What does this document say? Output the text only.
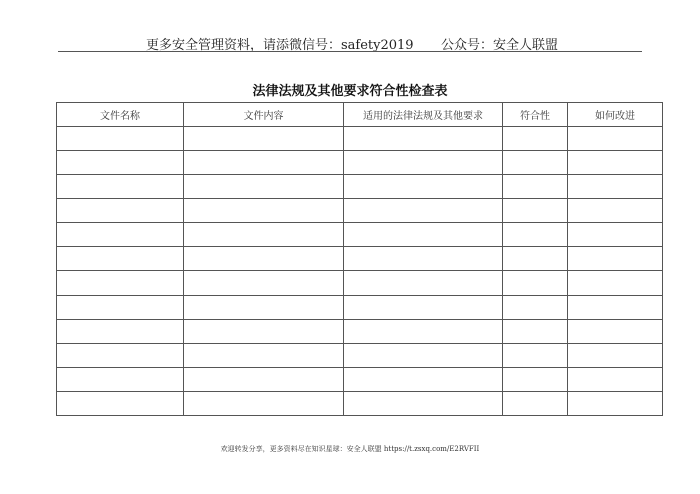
更多安全管理资料，请添微信号：safety2019 公众号：安全人联盟
法律法规及其他要求符合性检查表
文件名称	文件内容	适用的法律法规及其他要求	符合性	如何改进

欢迎转发分享，更多资料尽在知识星球：安全人联盟 https://t.zsxq.com/E2RVFII
